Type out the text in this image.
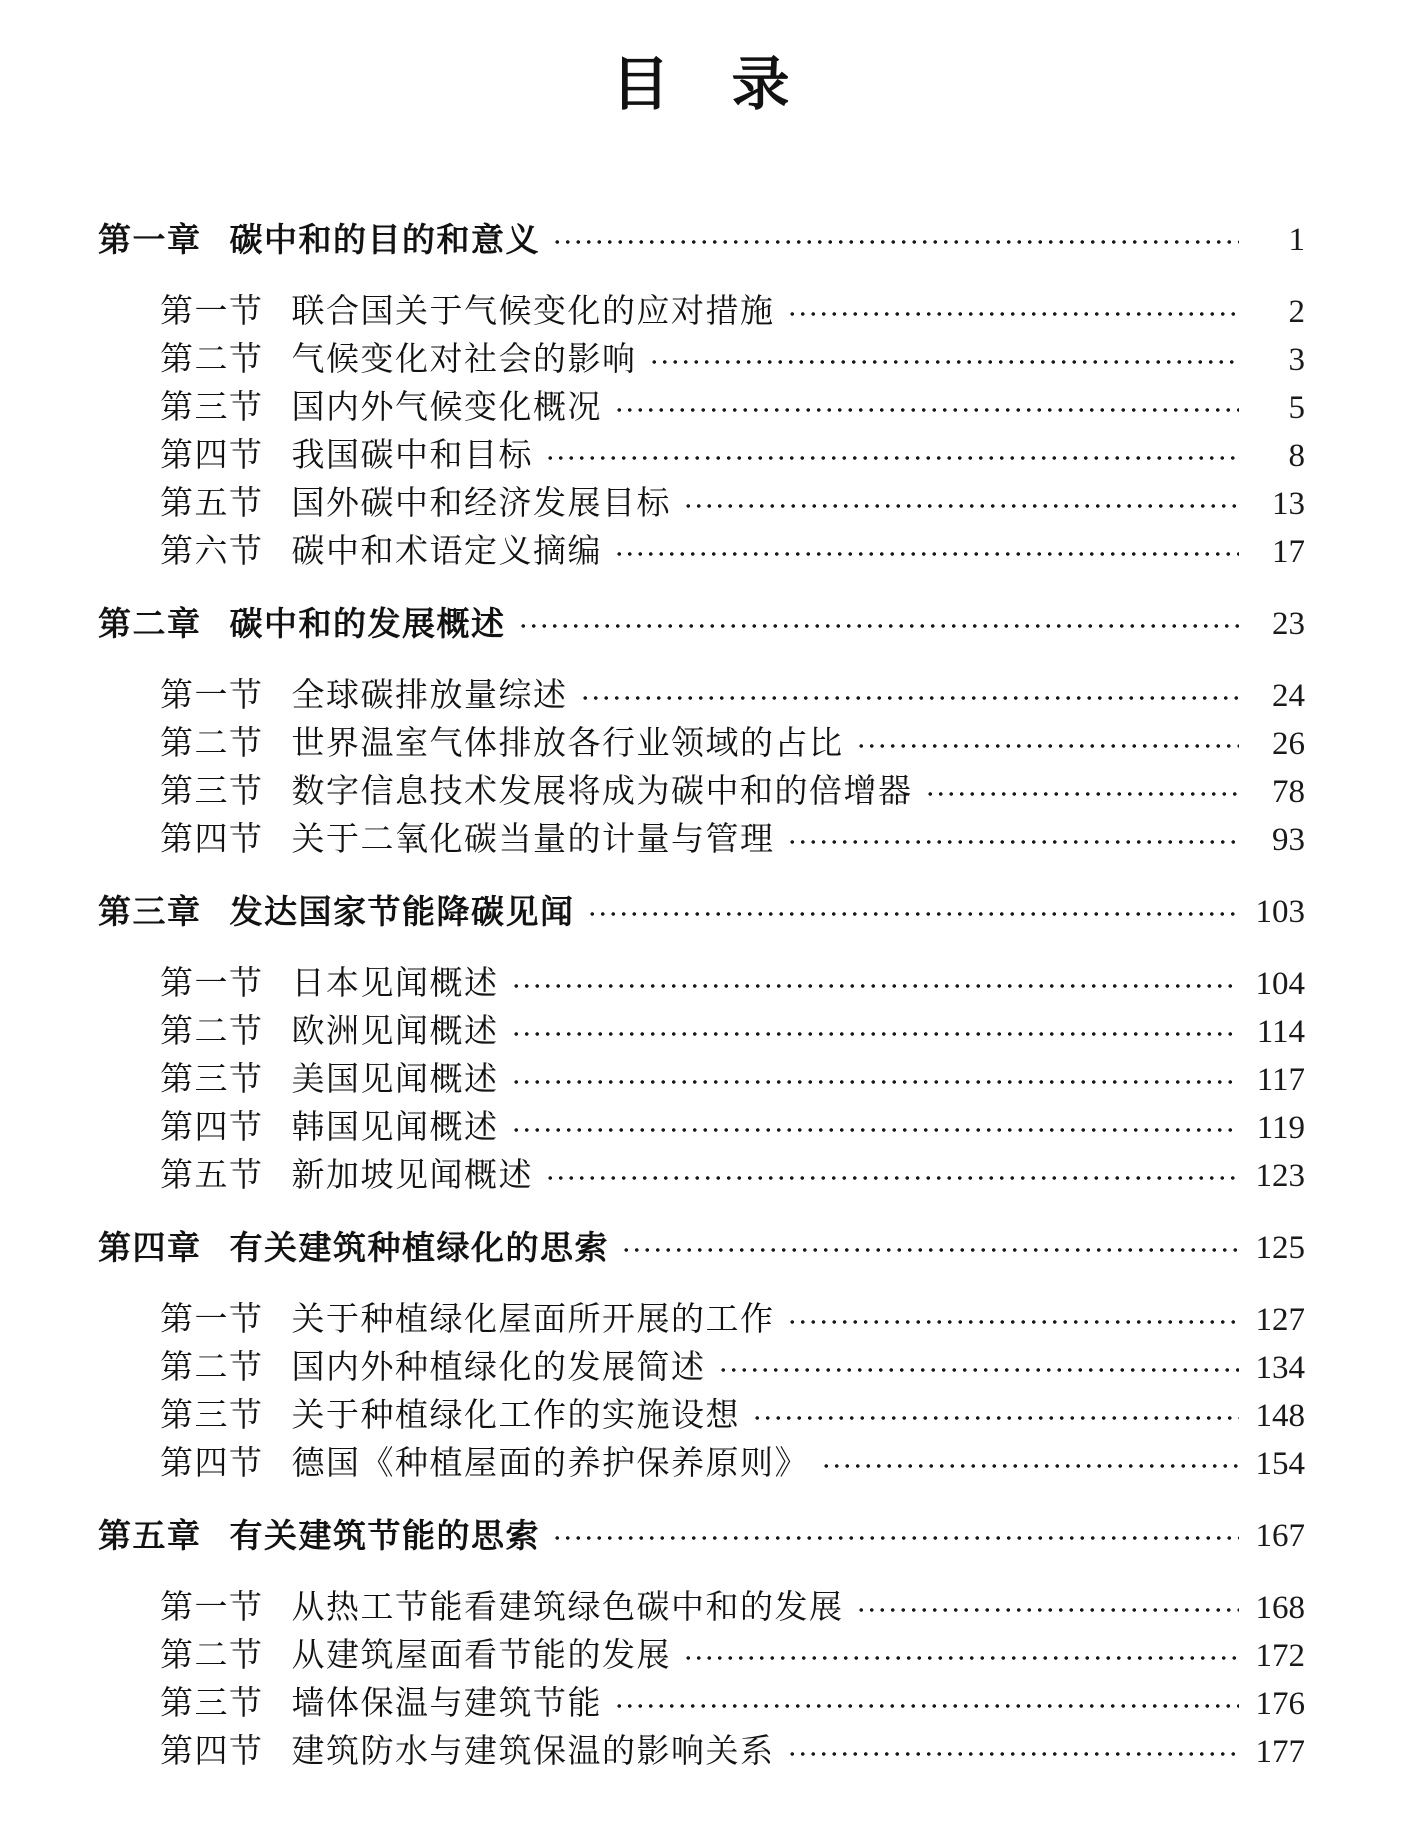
目　录
第一章 碳中和的目的和意义	1
第一节 联合国关于气候变化的应对措施	2
第二节 气候变化对社会的影响	3
第三节 国内外气候变化概况	5
第四节 我国碳中和目标	8
第五节 国外碳中和经济发展目标	13
第六节 碳中和术语定义摘编	17
第二章 碳中和的发展概述	23
第一节 全球碳排放量综述	24
第二节 世界温室气体排放各行业领域的占比	26
第三节 数字信息技术发展将成为碳中和的倍增器	78
第四节 关于二氧化碳当量的计量与管理	93
第三章 发达国家节能降碳见闻	103
第一节 日本见闻概述	104
第二节 欧洲见闻概述	114
第三节 美国见闻概述	117
第四节 韩国见闻概述	119
第五节 新加坡见闻概述	123
第四章 有关建筑种植绿化的思索	125
第一节 关于种植绿化屋面所开展的工作	127
第二节 国内外种植绿化的发展简述	134
第三节 关于种植绿化工作的实施设想	148
第四节 德国《种植屋面的养护保养原则》	154
第五章 有关建筑节能的思索	167
第一节 从热工节能看建筑绿色碳中和的发展	168
第二节 从建筑屋面看节能的发展	172
第三节 墙体保温与建筑节能	176
第四节 建筑防水与建筑保温的影响关系	177
